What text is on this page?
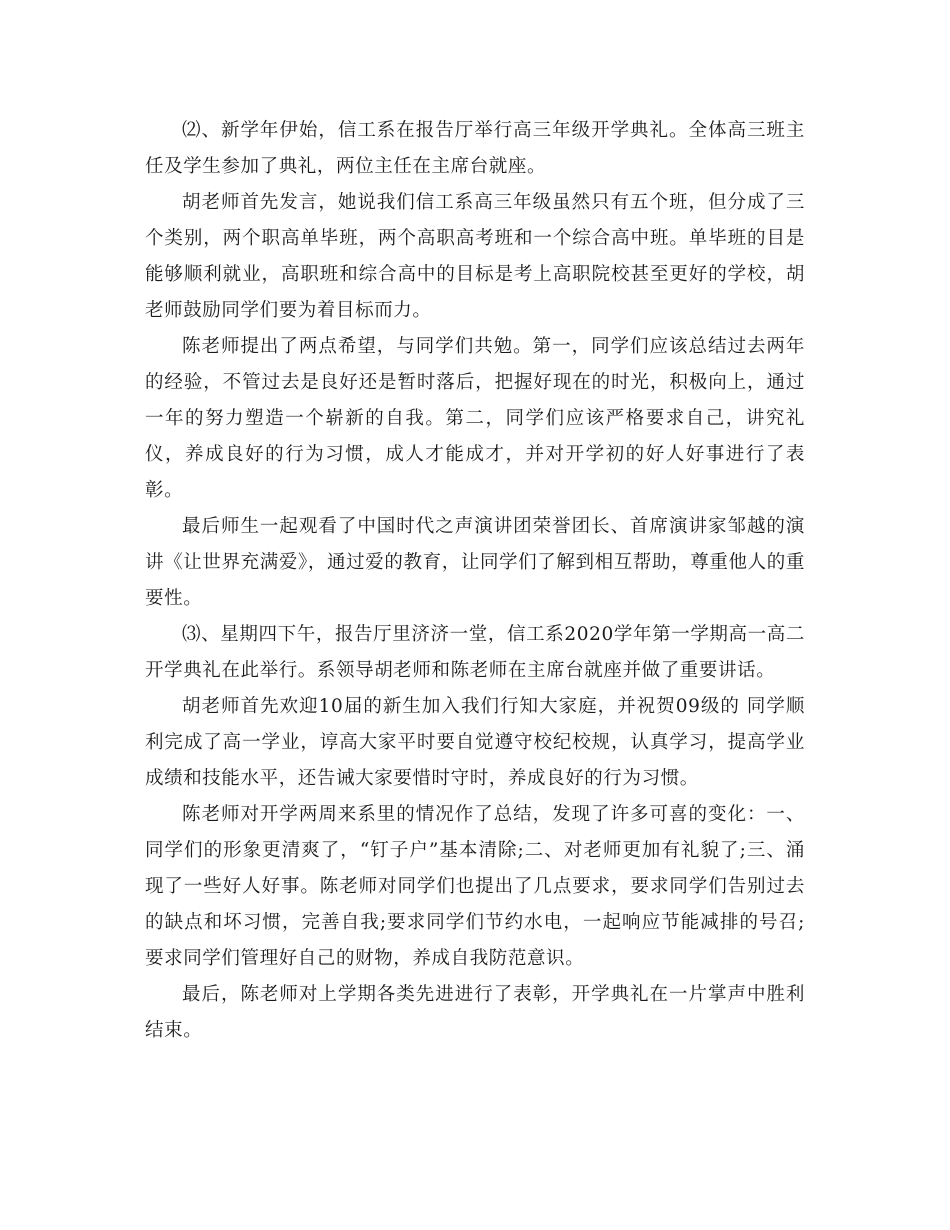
⑵、新学年伊始，信工系在报告厅举行高三年级开学典礼。全体高三班主任及学生参加了典礼，两位主任在主席台就座。

胡老师首先发言，她说我们信工系高三年级虽然只有五个班，但分成了三个类别，两个职高单毕班，两个高职高考班和一个综合高中班。单毕班的目是能够顺利就业，高职班和综合高中的目标是考上高职院校甚至更好的学校，胡老师鼓励同学们要为着目标而力。

陈老师提出了两点希望，与同学们共勉。第一，同学们应该总结过去两年的经验，不管过去是良好还是暂时落后，把握好现在的时光，积极向上，通过一年的努力塑造一个崭新的自我。第二，同学们应该严格要求自己，讲究礼仪，养成良好的行为习惯，成人才能成才，并对开学初的好人好事进行了表彰。

最后师生一起观看了中国时代之声演讲团荣誉团长、首席演讲家邹越的演讲《让世界充满爱》，通过爱的教育，让同学们了解到相互帮助，尊重他人的重要性。

⑶、星期四下午，报告厅里济济一堂，信工系2020学年第一学期高一高二开学典礼在此举行。系领导胡老师和陈老师在主席台就座并做了重要讲话。

胡老师首先欢迎10届的新生加入我们行知大家庭，并祝贺09级的 同学顺利完成了高一学业，谆高大家平时要自觉遵守校纪校规，认真学习，提高学业成绩和技能水平，还告诫大家要惜时守时，养成良好的行为习惯。

陈老师对开学两周来系里的情况作了总结，发现了许多可喜的变化：一、同学们的形象更清爽了，“钉子户”基本清除;二、对老师更加有礼貌了;三、涌现了一些好人好事。陈老师对同学们也提出了几点要求，要求同学们告别过去的缺点和坏习惯，完善自我;要求同学们节约水电，一起响应节能减排的号召;要求同学们管理好自己的财物，养成自我防范意识。

最后，陈老师对上学期各类先进进行了表彰，开学典礼在一片掌声中胜利结束。
